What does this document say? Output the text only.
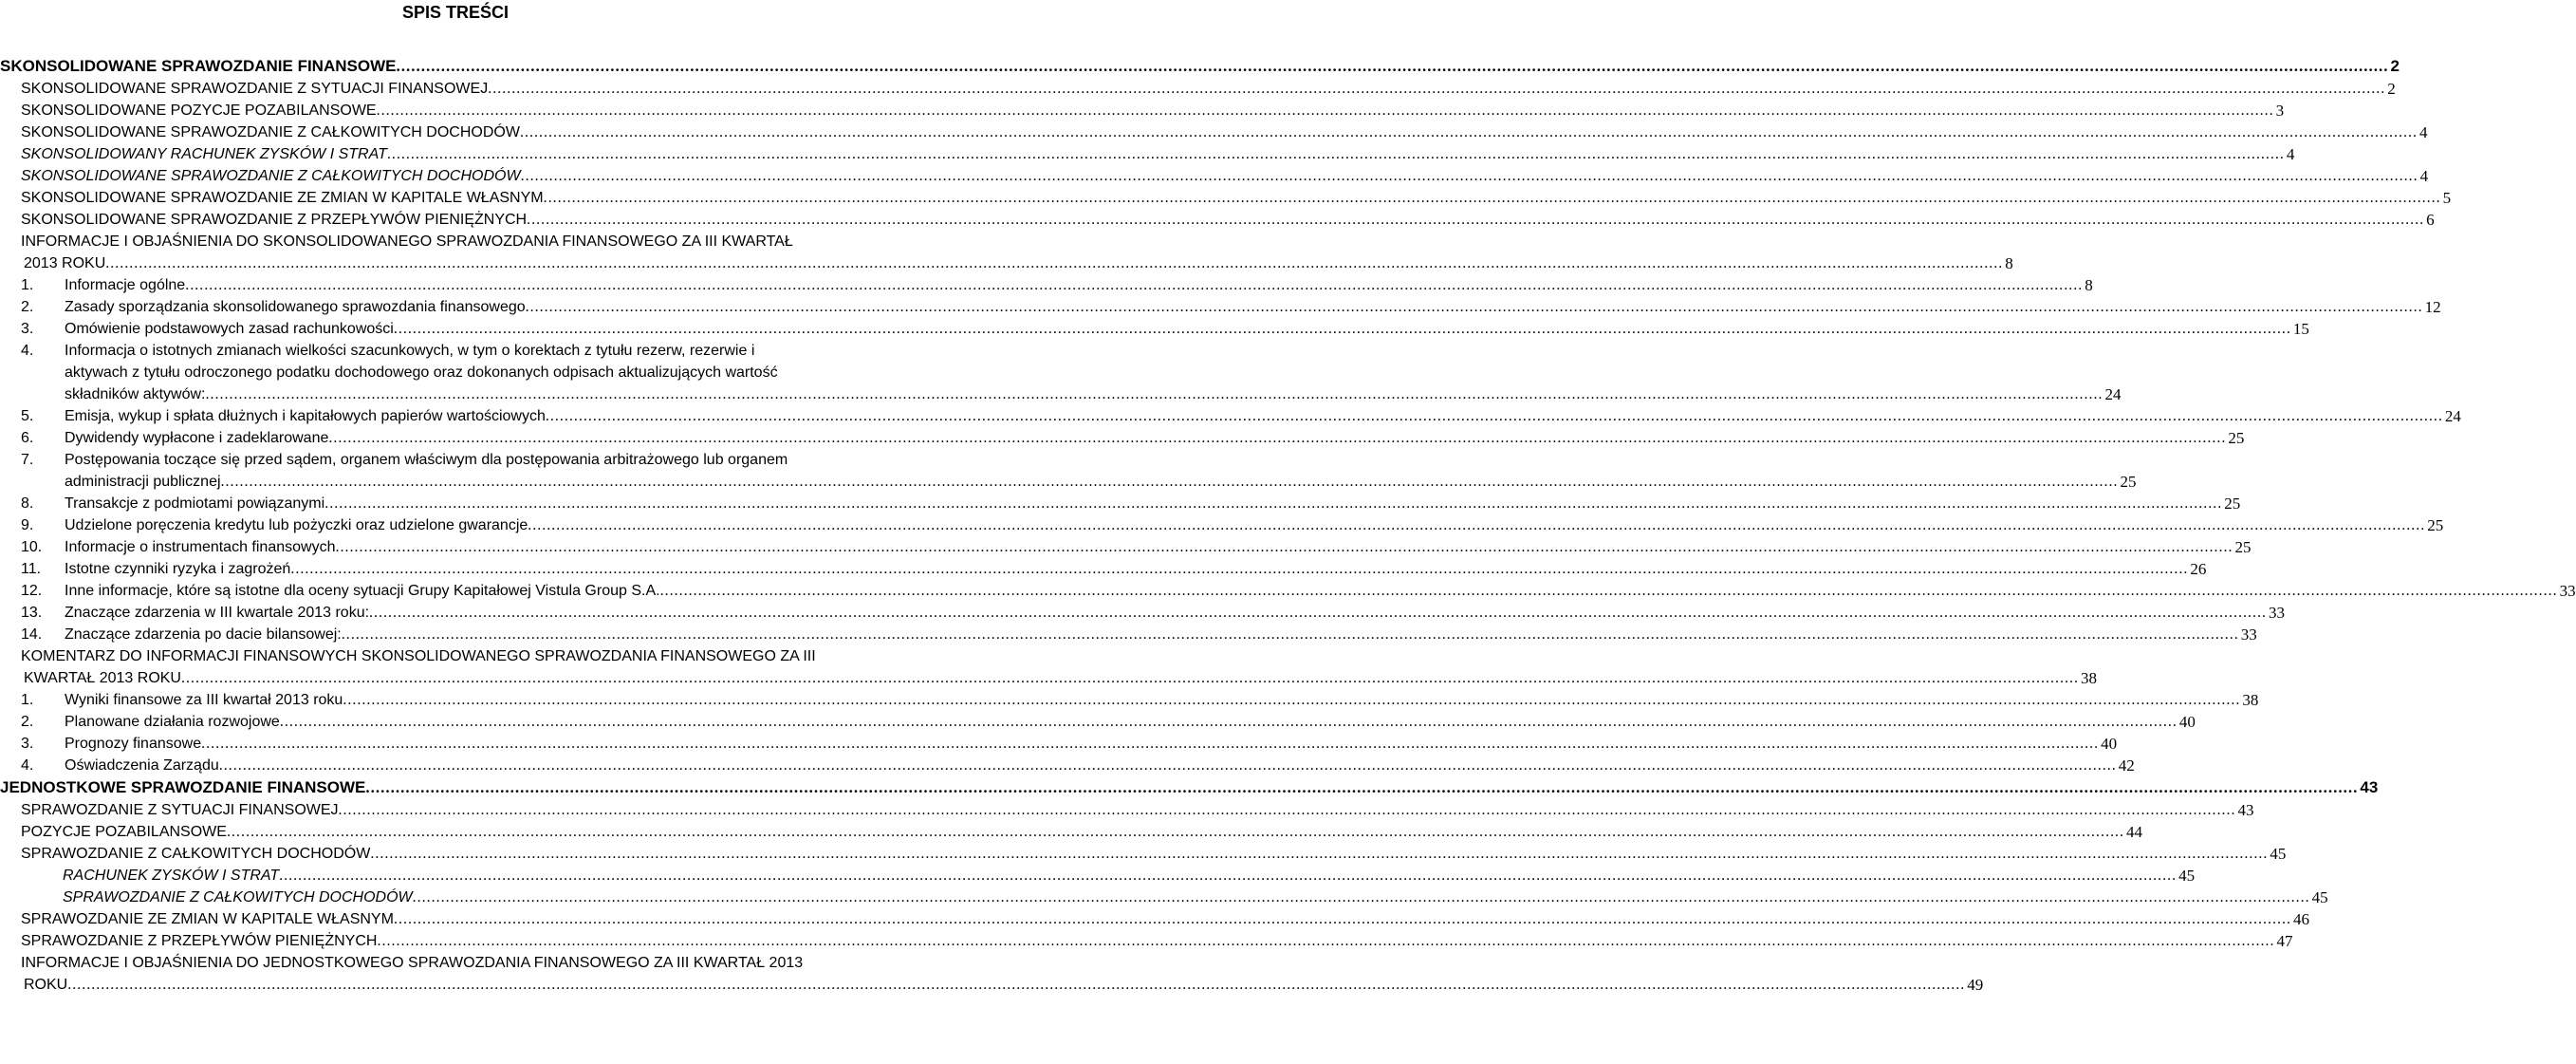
SPIS TREŚCI
SKONSOLIDOWANE SPRAWOZDANIE FINANSOWE ................................................................................................................................................................................................................................................................................................................................................................................................................ 2
SKONSOLIDOWANE SPRAWOZDANIE Z SYTUACJI FINANSOWEJ ................................................................................................................................................................................................................................................................................................................................................................................................................ 2
SKONSOLIDOWANE POZYCJE POZABILANSOWE ................................................................................................................................................................................................................................................................................................................................................................................................................ 3
SKONSOLIDOWANE SPRAWOZDANIE Z CAŁKOWITYCH DOCHODÓW ................................................................................................................................................................................................................................................................................................................................................................................................................ 4
SKONSOLIDOWANY RACHUNEK ZYSKÓW I STRAT ................................................................................................................................................................................................................................................................................................................................................................................................................ 4
SKONSOLIDOWANE SPRAWOZDANIE Z CAŁKOWITYCH DOCHODÓW ................................................................................................................................................................................................................................................................................................................................................................................................................ 4
SKONSOLIDOWANE SPRAWOZDANIE ZE ZMIAN W KAPITALE WŁASNYM ................................................................................................................................................................................................................................................................................................................................................................................................................ 5
SKONSOLIDOWANE SPRAWOZDANIE Z PRZEPŁYWÓW PIENIĘŻNYCH ................................................................................................................................................................................................................................................................................................................................................................................................................ 6
INFORMACJE I OBJAŚNIENIA DO SKONSOLIDOWANEGO SPRAWOZDANIA FINANSOWEGO ZA III KWARTAŁ
2013 ROKU ................................................................................................................................................................................................................................................................................................................................................................................................................ 8
1.	Informacje ogólne ................................................................................................................................................................................................................................................................................................................................................................................................................ 8
2.	Zasady sporządzania skonsolidowanego sprawozdania finansowego ................................................................................................................................................................................................................................................................................................................................................................................................................ 12
3.	Omówienie podstawowych zasad rachunkowości ................................................................................................................................................................................................................................................................................................................................................................................................................ 15
4.	Informacja o istotnych zmianach wielkości szacunkowych, w tym o korektach z tytułu rezerw, rezerwie i
aktywach z tytułu odroczonego podatku dochodowego oraz dokonanych odpisach aktualizujących wartość
składników aktywów: ................................................................................................................................................................................................................................................................................................................................................................................................................ 24
5.	Emisja, wykup i spłata dłużnych i kapitałowych papierów wartościowych ................................................................................................................................................................................................................................................................................................................................................................................................................ 24
6.	Dywidendy wypłacone i zadeklarowane ................................................................................................................................................................................................................................................................................................................................................................................................................ 25
7.	Postępowania toczące się przed sądem, organem właściwym dla postępowania arbitrażowego lub organem
administracji publicznej ................................................................................................................................................................................................................................................................................................................................................................................................................ 25
8.	Transakcje z podmiotami powiązanymi ................................................................................................................................................................................................................................................................................................................................................................................................................ 25
9.	Udzielone poręczenia kredytu lub pożyczki oraz udzielone gwarancje ................................................................................................................................................................................................................................................................................................................................................................................................................ 25
10.	Informacje o instrumentach finansowych ................................................................................................................................................................................................................................................................................................................................................................................................................ 25
11.	Istotne czynniki ryzyka i zagrożeń ................................................................................................................................................................................................................................................................................................................................................................................................................ 26
12.	Inne informacje, które są istotne dla oceny sytuacji Grupy Kapitałowej Vistula Group S.A. ................................................................................................................................................................................................................................................................................................................................................................................................................ 33
13.	Znaczące zdarzenia w III kwartale 2013 roku: ................................................................................................................................................................................................................................................................................................................................................................................................................ 33
14.	Znaczące zdarzenia po dacie bilansowej: ................................................................................................................................................................................................................................................................................................................................................................................................................ 33
KOMENTARZ DO INFORMACJI FINANSOWYCH SKONSOLIDOWANEGO SPRAWOZDANIA FINANSOWEGO ZA III
KWARTAŁ 2013 ROKU ................................................................................................................................................................................................................................................................................................................................................................................................................ 38
1.	Wyniki finansowe za III kwartał 2013 roku ................................................................................................................................................................................................................................................................................................................................................................................................................ 38
2.	Planowane działania rozwojowe ................................................................................................................................................................................................................................................................................................................................................................................................................ 40
3.	Prognozy finansowe ................................................................................................................................................................................................................................................................................................................................................................................................................ 40
4.	Oświadczenia Zarządu ................................................................................................................................................................................................................................................................................................................................................................................................................ 42
JEDNOSTKOWE SPRAWOZDANIE FINANSOWE ................................................................................................................................................................................................................................................................................................................................................................................................................ 43
SPRAWOZDANIE Z SYTUACJI FINANSOWEJ ................................................................................................................................................................................................................................................................................................................................................................................................................ 43
POZYCJE POZABILANSOWE ................................................................................................................................................................................................................................................................................................................................................................................................................ 44
SPRAWOZDANIE Z CAŁKOWITYCH DOCHODÓW ................................................................................................................................................................................................................................................................................................................................................................................................................ 45
RACHUNEK ZYSKÓW I STRAT ................................................................................................................................................................................................................................................................................................................................................................................................................ 45
SPRAWOZDANIE Z CAŁKOWITYCH DOCHODÓW ................................................................................................................................................................................................................................................................................................................................................................................................................ 45
SPRAWOZDANIE ZE ZMIAN W KAPITALE WŁASNYM ................................................................................................................................................................................................................................................................................................................................................................................................................ 46
SPRAWOZDANIE Z PRZEPŁYWÓW PIENIĘŻNYCH ................................................................................................................................................................................................................................................................................................................................................................................................................ 47
INFORMACJE I OBJAŚNIENIA DO JEDNOSTKOWEGO SPRAWOZDANIA FINANSOWEGO ZA III KWARTAŁ 2013
ROKU ................................................................................................................................................................................................................................................................................................................................................................................................................ 49
